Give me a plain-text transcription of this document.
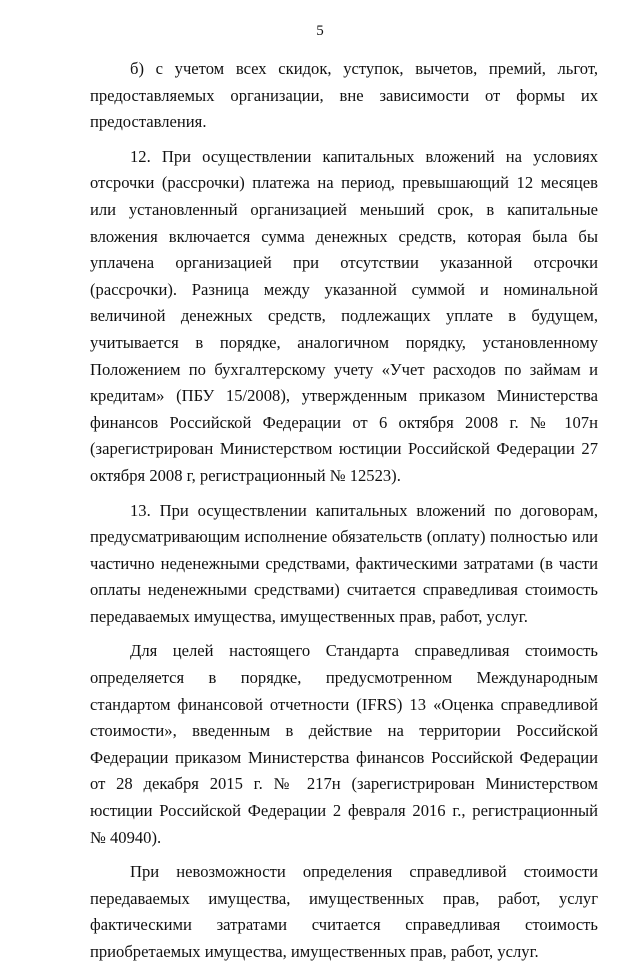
5

б) с учетом всех скидок, уступок, вычетов, премий, льгот, предоставляемых организации, вне зависимости от формы их предоставления.

12. При осуществлении капитальных вложений на условиях отсрочки (рассрочки) платежа на период, превышающий 12 месяцев или установленный организацией меньший срок, в капитальные вложения включается сумма денежных средств, которая была бы уплачена организацией при отсутствии указанной отсрочки (рассрочки). Разница между указанной суммой и номинальной величиной денежных средств, подлежащих уплате в будущем, учитывается в порядке, аналогичном порядку, установленному Положением по бухгалтерскому учету «Учет расходов по займам и кредитам» (ПБУ 15/2008), утвержденным приказом Министерства финансов Российской Федерации от 6 октября 2008 г. № 107н (зарегистрирован Министерством юстиции Российской Федерации 27 октября 2008 г, регистрационный № 12523).

13. При осуществлении капитальных вложений по договорам, предусматривающим исполнение обязательств (оплату) полностью или частично неденежными средствами, фактическими затратами (в части оплаты неденежными средствами) считается справедливая стоимость передаваемых имущества, имущественных прав, работ, услуг.

Для целей настоящего Стандарта справедливая стоимость определяется в порядке, предусмотренном Международным стандартом финансовой отчетности (IFRS) 13 «Оценка справедливой стоимости», введенным в действие на территории Российской Федерации приказом Министерства финансов Российской Федерации от 28 декабря 2015 г. № 217н (зарегистрирован Министерством юстиции Российской Федерации 2 февраля 2016 г., регистрационный № 40940).

При невозможности определения справедливой стоимости передаваемых имущества, имущественных прав, работ, услуг фактическими затратами считается справедливая стоимость приобретаемых имущества, имущественных прав, работ, услуг.
